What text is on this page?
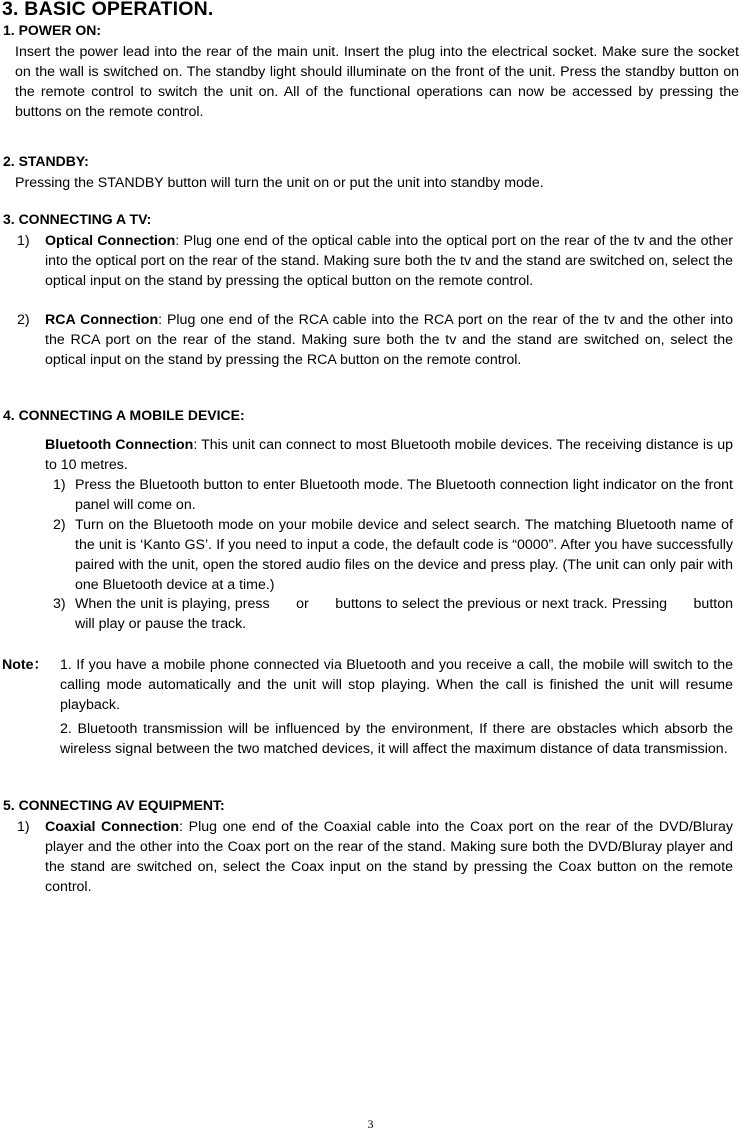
3. BASIC OPERATION.
1. POWER ON:

Insert the power lead into the rear of the main unit. Insert the plug into the electrical socket. Make sure the socket on the wall is switched on. The standby light should illuminate on the front of the unit. Press the standby button on the remote control to switch the unit on. All of the functional operations can now be accessed by pressing the buttons on the remote control.

2. STANDBY:

Pressing the STANDBY button will turn the unit on or put the unit into standby mode.

3. CONNECTING A TV:
1) Optical Connection: Plug one end of the optical cable into the optical port on the rear of the tv and the other into the optical port on the rear of the stand. Making sure both the tv and the stand are switched on, select the optical input on the stand by pressing the optical button on the remote control.

2) RCA Connection: Plug one end of the RCA cable into the RCA port on the rear of the tv and the other into the RCA port on the rear of the stand. Making sure both the tv and the stand are switched on, select the optical input on the stand by pressing the RCA button on the remote control.

4. CONNECTING A MOBILE DEVICE:

Bluetooth Connection: This unit can connect to most Bluetooth mobile devices. The receiving distance is up to 10 metres.

1) Press the Bluetooth button to enter Bluetooth mode. The Bluetooth connection light indicator on the front panel will come on.

2) Turn on the Bluetooth mode on your mobile device and select search. The matching Bluetooth name of the unit is ‘Kanto GS’. If you need to input a code, the default code is “0000”. After you have successfully paired with the unit, open the stored audio files on the device and press play. (The unit can only pair with one Bluetooth device at a time.)

3) When the unit is playing, press or buttons to select the previous or next track. Pressing button will play or pause the track.

Note： 1. If you have a mobile phone connected via Bluetooth and you receive a call, the mobile will switch to the calling mode automatically and the unit will stop playing. When the call is finished the unit will resume playback.

2. Bluetooth transmission will be influenced by the environment, If there are obstacles which absorb the wireless signal between the two matched devices, it will affect the maximum distance of data transmission.

5. CONNECTING AV EQUIPMENT:
1) Coaxial Connection: Plug one end of the Coaxial cable into the Coax port on the rear of the DVD/Bluray player and the other into the Coax port on the rear of the stand. Making sure both the DVD/Bluray player and the stand are switched on, select the Coax input on the stand by pressing the Coax button on the remote control.

3
